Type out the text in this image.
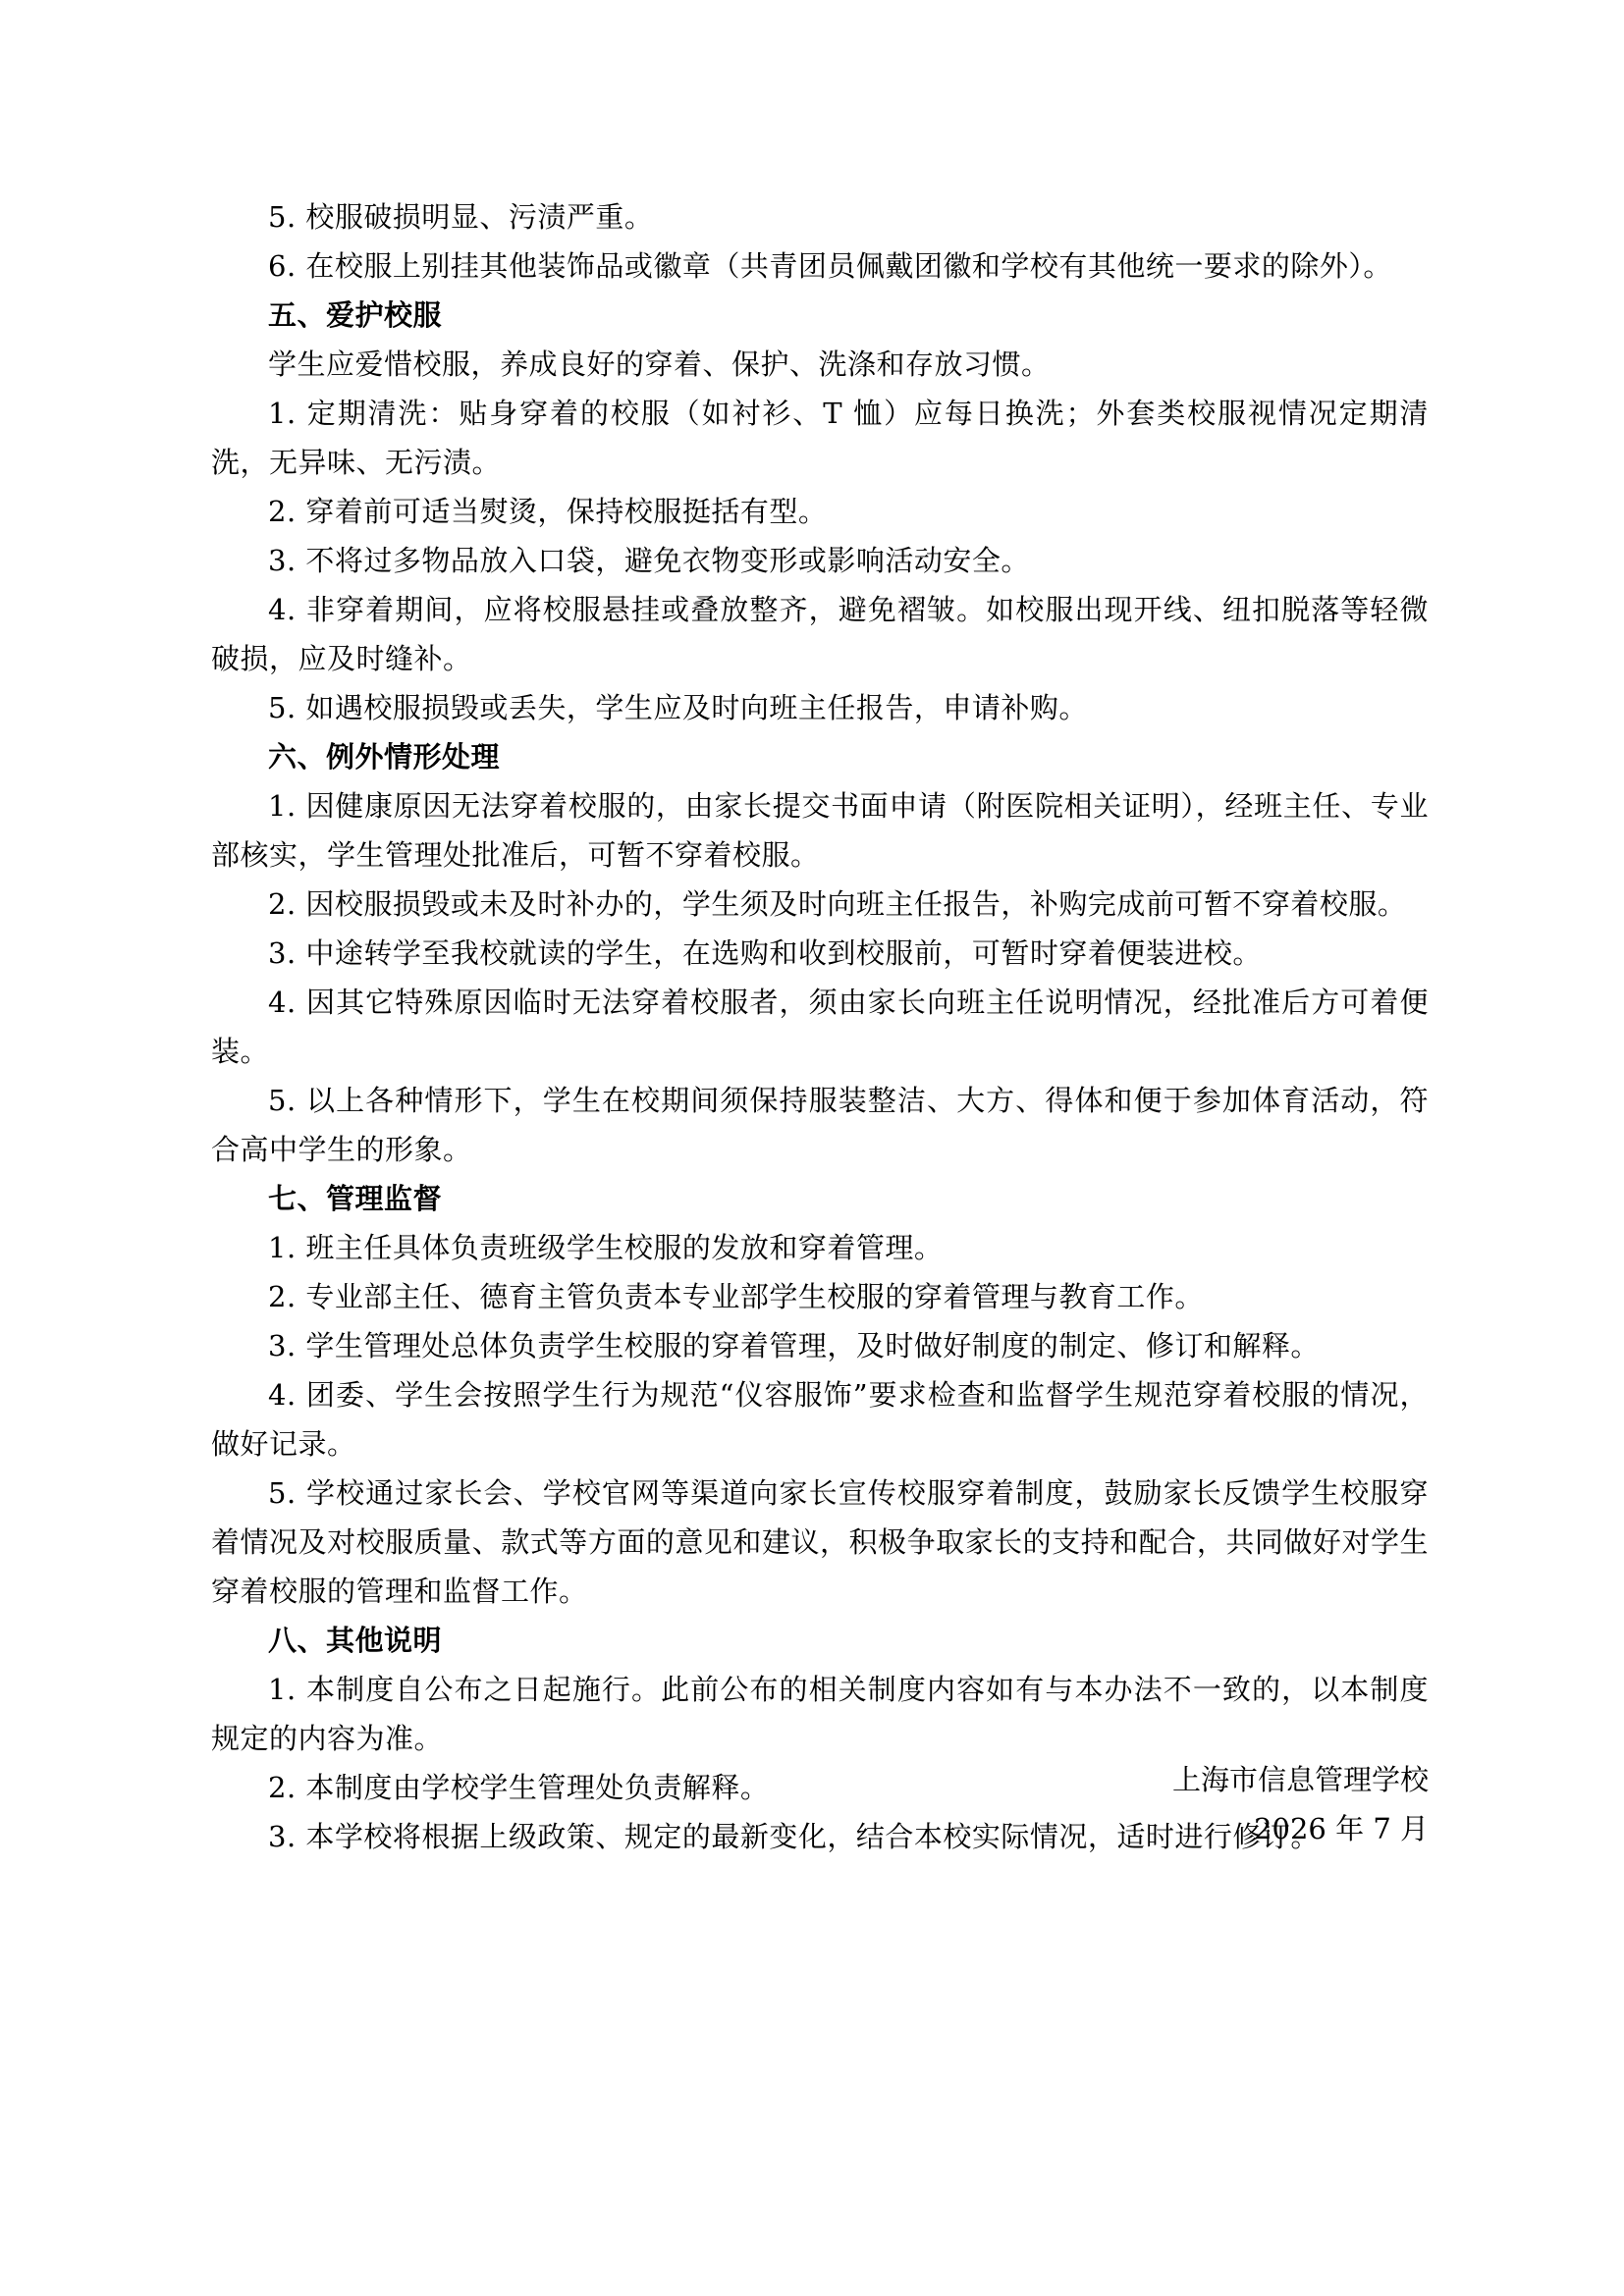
5. 校服破损明显、污渍严重。

6. 在校服上别挂其他装饰品或徽章（共青团员佩戴团徽和学校有其他统一要求的除外）。

五、爱护校服

学生应爱惜校服，养成良好的穿着、保护、洗涤和存放习惯。

1. 定期清洗：贴身穿着的校服（如衬衫、T 恤）应每日换洗；外套类校服视情况定期清洗，无异味、无污渍。

2. 穿着前可适当熨烫，保持校服挺括有型。

3. 不将过多物品放入口袋，避免衣物变形或影响活动安全。

4. 非穿着期间，应将校服悬挂或叠放整齐，避免褶皱。如校服出现开线、纽扣脱落等轻微破损，应及时缝补。

5. 如遇校服损毁或丢失，学生应及时向班主任报告，申请补购。

六、例外情形处理

1. 因健康原因无法穿着校服的，由家长提交书面申请（附医院相关证明），经班主任、专业部核实，学生管理处批准后，可暂不穿着校服。

2. 因校服损毁或未及时补办的，学生须及时向班主任报告，补购完成前可暂不穿着校服。

3. 中途转学至我校就读的学生，在选购和收到校服前，可暂时穿着便装进校。

4. 因其它特殊原因临时无法穿着校服者，须由家长向班主任说明情况，经批准后方可着便装。

5. 以上各种情形下，学生在校期间须保持服装整洁、大方、得体和便于参加体育活动，符合高中学生的形象。

七、管理监督

1. 班主任具体负责班级学生校服的发放和穿着管理。

2. 专业部主任、德育主管负责本专业部学生校服的穿着管理与教育工作。

3. 学生管理处总体负责学生校服的穿着管理，及时做好制度的制定、修订和解释。

4. 团委、学生会按照学生行为规范“仪容服饰”要求检查和监督学生规范穿着校服的情况，做好记录。

5. 学校通过家长会、学校官网等渠道向家长宣传校服穿着制度，鼓励家长反馈学生校服穿着情况及对校服质量、款式等方面的意见和建议，积极争取家长的支持和配合，共同做好对学生穿着校服的管理和监督工作。

八、其他说明

1. 本制度自公布之日起施行。此前公布的相关制度内容如有与本办法不一致的，以本制度规定的内容为准。

2. 本制度由学校学生管理处负责解释。

3. 本学校将根据上级政策、规定的最新变化，结合本校实际情况，适时进行修订。

上海市信息管理学校
2026 年 7 月
